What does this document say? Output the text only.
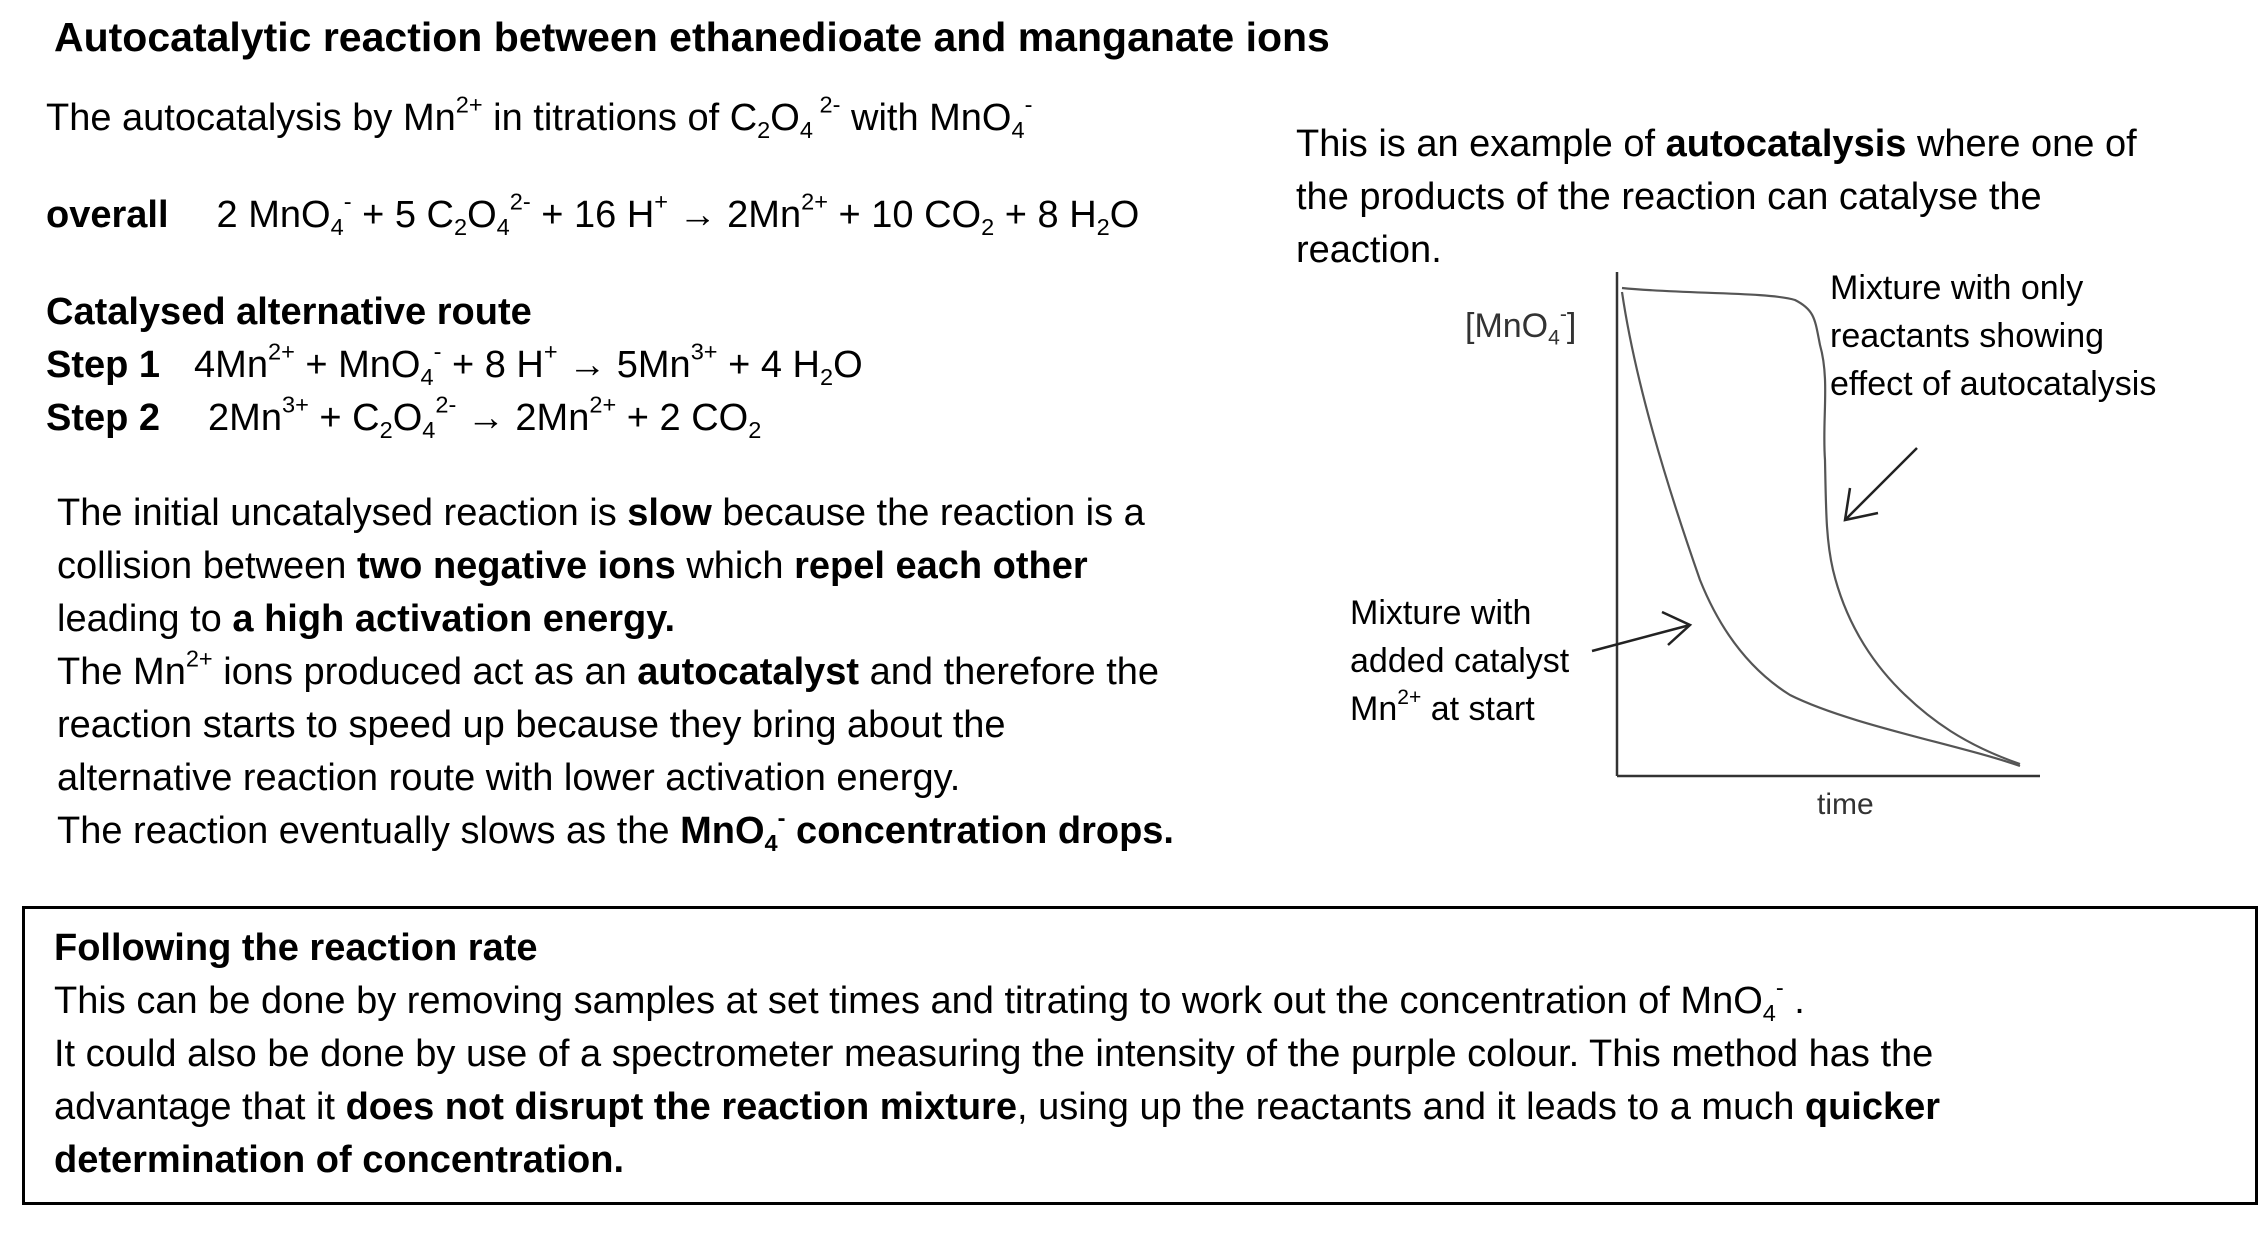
Autocatalytic reaction between ethanedioate and manganate ions
The autocatalysis by $Mn^{2+}$ in titrations of $C_2O_4$ $^{2-}$ with MnO$_4$-
overall 2 MnO$_4$- + 5 $C_2O_4^{2-} + 16$ $H^+ \to 2Mn^{2+} + 10$ $CO_2 + 8$ $H_2O$
Catalysed alternative route
Step 1 $4Mn^{2+} + MnO_4^- + 8$ $H^+ \to 5Mn^{3+} + 4$ $H_2O$
Step 2 $2Mn^{3+} + C_2O_4^{2-} \to 2Mn^{2+} + 2$ $CO_2$
The initial uncatalysed reaction is slow because the reaction is a
collision between two negative ions which repel each other
leading to a high activation energy.
The $Mn^{2+}$ ions produced act as an autocatalyst and therefore the
reaction starts to speed up because they bring about the
alternative reaction route with lower activation energy.
The reaction eventually slows as the MnO$_4$- concentration drops.
This is an example of autocatalysis where one of
the products of the reaction can catalyse the
reaction.
[MnO$_4$-]
time
Mixture with only
reactants showing
effect of autocatalysis
Mixture with
added catalyst
$Mn^{2+}$ at start
Following the reaction rate
This can be done by removing samples at set times and titrating to work out the concentration of MnO$_4$- .
It could also be done by use of a spectrometer measuring the intensity of the purple colour. This method has the
advantage that it does not disrupt the reaction mixture, using up the reactants and it leads to a much quicker
determination of concentration.
